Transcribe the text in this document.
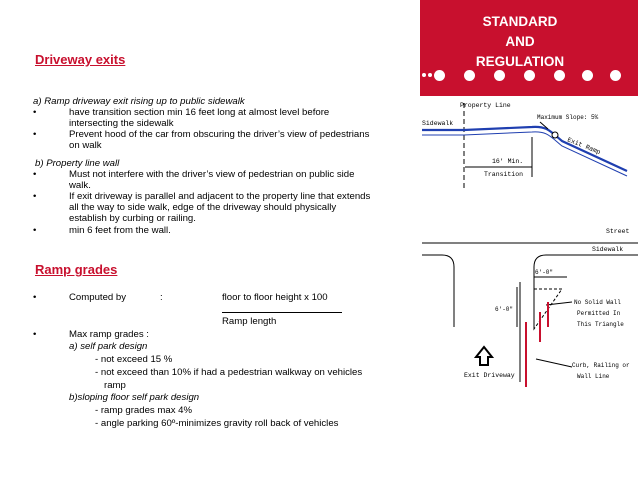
STANDARD
AND
REGULATION
Driveway exits
a) Ramp driveway exit rising up to public sidewalk
•	have transition section min 16 feet long at almost level before
intersecting the sidewalk
•	Prevent hood of the car from obscuring the driver’s view of pedestrians
on walk
b) Property line wall
•	Must not interfere with the driver’s view of pedestrian on public side
walk.
•	If exit driveway is parallel and adjacent to the property line that extends
all the way to side walk, edge of the driveway should physically
establish by curbing or railing.
•	min 6 feet from the wall.
Ramp grades
•	Computed by	:	floor to floor height x 100
Ramp length
•	Max ramp grades :
a) self park design
- not exceed 15 %
- not exceed than 10% if had a pedestrian walkway on vehicles
ramp
b)sloping floor self park design
- ramp grades max 4%
- angle parking 60º-minimizes gravity roll back of vehicles
Property Line
Sidewalk
Maximum Slope: 5%
Exit Ramp
16' Min.
Transition
Street
Sidewalk
6'-0"
6'-0"
No Solid Wall
Permitted In
This Triangle
Curb, Railing or
Wall Line
Exit Driveway
